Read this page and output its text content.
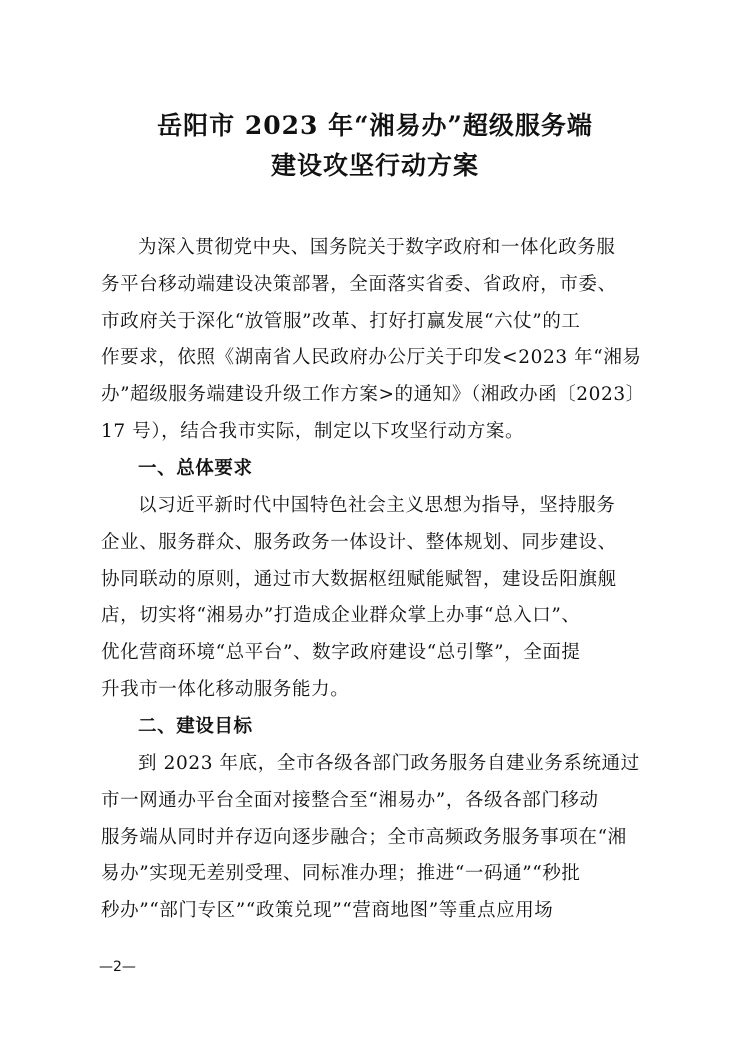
岳阳市 2023 年“湘易办”超级服务端
建设攻坚行动方案
为深入贯彻党中央、国务院关于数字政府和一体化政务服
务平台移动端建设决策部署，全面落实省委、省政府，市委、
市政府关于深化“放管服”改革、打好打赢发展“六仗”的工
作要求，依照《湖南省人民政府办公厅关于印发<2023 年“湘易
办”超级服务端建设升级工作方案>的通知》（湘政办函〔2023〕
17 号），结合我市实际，制定以下攻坚行动方案。
一、总体要求
以习近平新时代中国特色社会主义思想为指导，坚持服务
企业、服务群众、服务政务一体设计、整体规划、同步建设、
协同联动的原则，通过市大数据枢纽赋能赋智，建设岳阳旗舰
店，切实将“湘易办”打造成企业群众掌上办事“总入口”、
优化营商环境“总平台”、数字政府建设“总引擎”，全面提
升我市一体化移动服务能力。
二、建设目标
到 2023 年底，全市各级各部门政务服务自建业务系统通过
市一网通办平台全面对接整合至“湘易办”，各级各部门移动
服务端从同时并存迈向逐步融合；全市高频政务服务事项在“湘
易办”实现无差别受理、同标准办理；推进“一码通”“秒批
秒办”“部门专区”“政策兑现”“营商地图”等重点应用场
—2—
